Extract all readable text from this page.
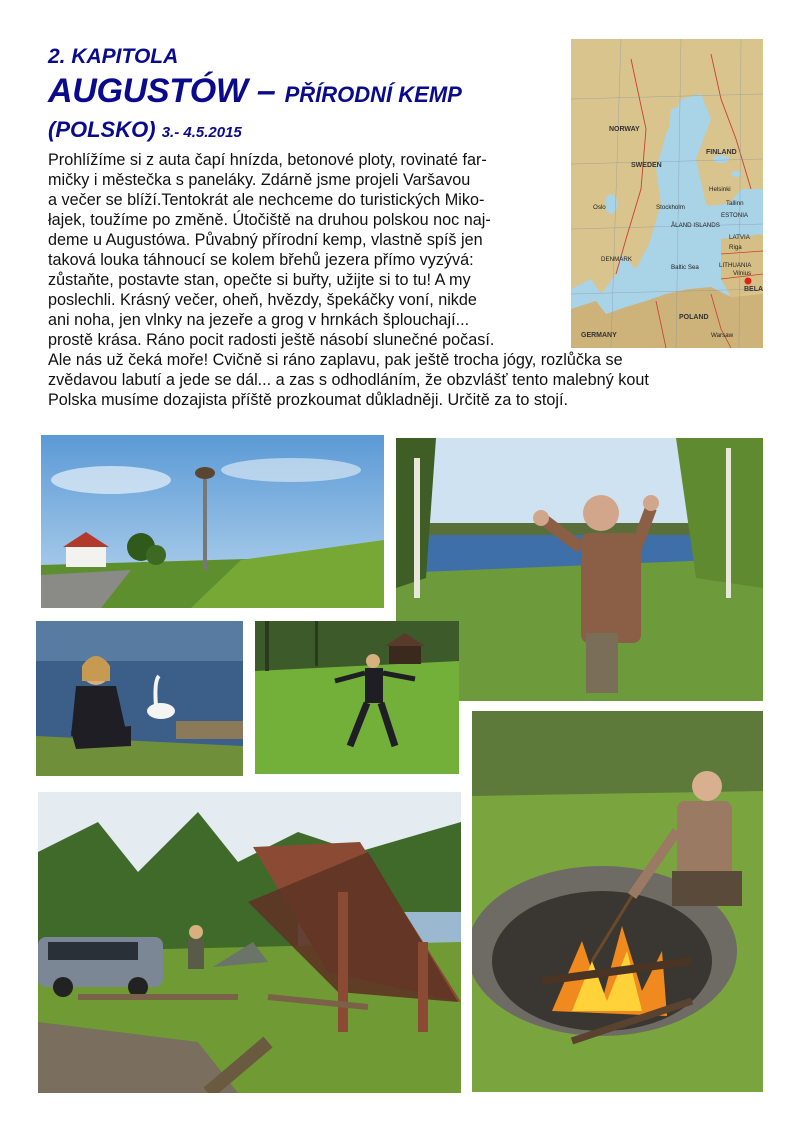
2. KAPITOLA
AUGUSTÓW – PŘÍRODNÍ KEMP
(POLSKO) 3.- 4.5.2015
Prohlížíme si z auta čapí hnízda, betonové ploty, rovinaté far-
mičky i městečka s paneláky. Zdárně jsme projeli Varšavou
a večer se blíží.Tentokrát ale nechceme do turistických Miko-
łajek, toužíme po změně. Útočiště na druhou polskou noc naj-
deme u Augustówa. Půvabný přírodní kemp, vlastně spíš jen
taková louka táhnoucí se kolem břehů jezera přímo vyzývá:
zůstaňte, postavte stan, opečte si buřty, užijte si to tu! A my
poslechli. Krásný večer, oheň, hvězdy, špekáčky voní, nikde
ani noha, jen vlnky na jezeře a grog v hrnkách šplouchají...
prostě krása. Ráno pocit radosti ještě násobí slunečné počasí.
Ale nás už čeká moře! Cvičně si ráno zaplavu, pak ještě trocha jógy, rozlůčka se
zvědavou labutí a jede se dál... a zas s odhodláním, že obzvlášť tento malebný kout
Polska musíme dozajista příště prozkoumat důkladněji. Určitě za to stojí.
NORWAY
SWEDEN
FINLAND
ESTONIA
LATVIA
LITHUANIA
DENMARK
POLAND
GERMANY
BELA
Stockholm
Helsinki
Tallinn
Riga
Vilnius
Warsaw
Oslo
Baltic Sea
ÅLAND ISLANDS
